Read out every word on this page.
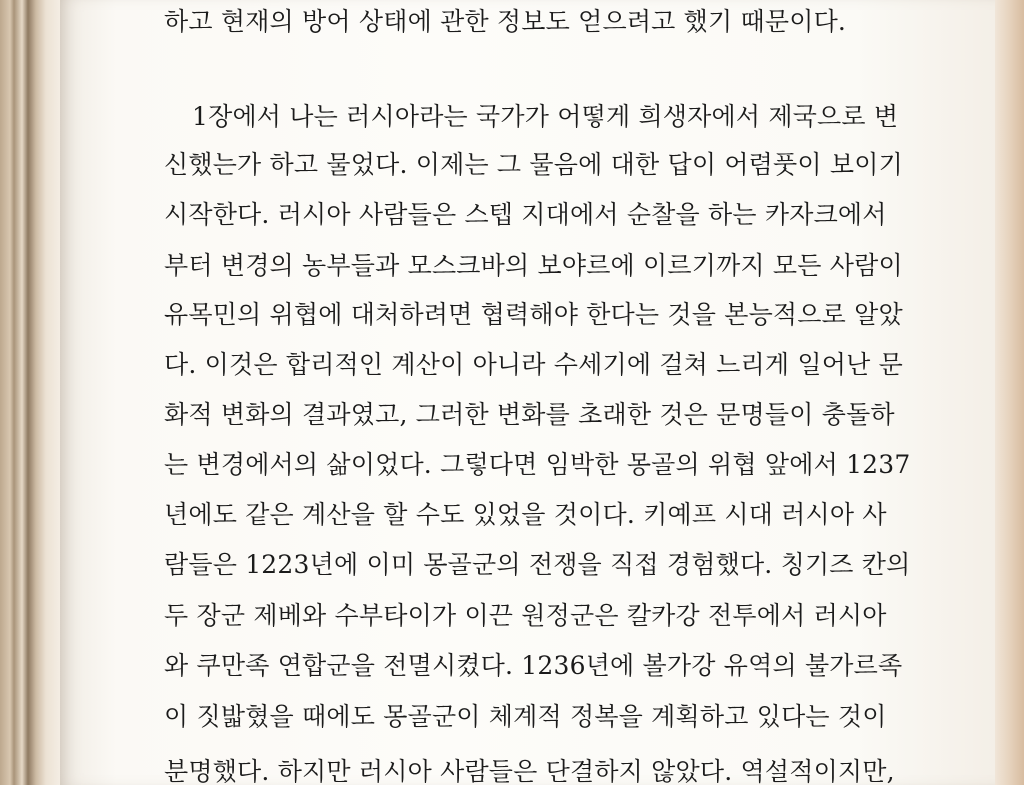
하고 현재의 방어 상태에 관한 정보도 얻으려고 했기 때문이다.
1장에서 나는 러시아라는 국가가 어떻게 희생자에서 제국으로 변
신했는가 하고 물었다. 이제는 그 물음에 대한 답이 어렴풋이 보이기
시작한다. 러시아 사람들은 스텝 지대에서 순찰을 하는 카자크에서
부터 변경의 농부들과 모스크바의 보야르에 이르기까지 모든 사람이
유목민의 위협에 대처하려면 협력해야 한다는 것을 본능적으로 알았
다. 이것은 합리적인 계산이 아니라 수세기에 걸쳐 느리게 일어난 문
화적 변화의 결과였고, 그러한 변화를 초래한 것은 문명들이 충돌하
는 변경에서의 삶이었다. 그렇다면 임박한 몽골의 위협 앞에서 1237
년에도 같은 계산을 할 수도 있었을 것이다. 키예프 시대 러시아 사
람들은 1223년에 이미 몽골군의 전쟁을 직접 경험했다. 칭기즈 칸의
두 장군 제베와 수부타이가 이끈 원정군은 칼카강 전투에서 러시아
와 쿠만족 연합군을 전멸시켰다. 1236년에 볼가강 유역의 불가르족
이 짓밟혔을 때에도 몽골군이 체계적 정복을 계획하고 있다는 것이
분명했다. 하지만 러시아 사람들은 단결하지 않았다. 역설적이지만,
